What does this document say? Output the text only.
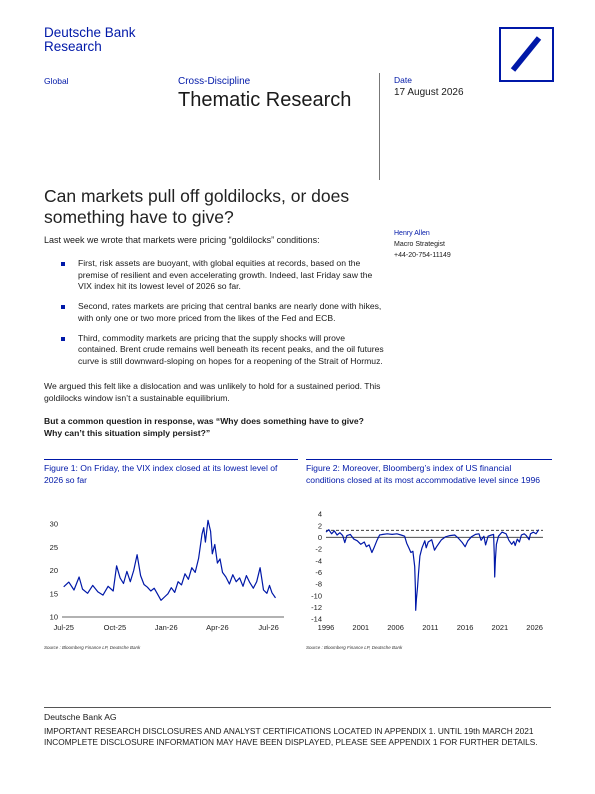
Deutsche Bank
Research
Global	Cross-Discipline
Thematic Research
Date
17 August 2026
Can markets pull off goldilocks, or does something have to give?
Henry Allen
Macro Strategist
+44-20-754-11149
Last week we wrote that markets were pricing “goldilocks” conditions:
First, risk assets are buoyant, with global equities at records, based on the premise of resilient and even accelerating growth. Indeed, last Friday saw the VIX index hit its lowest level of 2026 so far.
Second, rates markets are pricing that central banks are nearly done with hikes, with only one or two more priced from the likes of the Fed and ECB.
Third, commodity markets are pricing that the supply shocks will prove contained. Brent crude remains well beneath its recent peaks, and the oil futures curve is still downward-sloping on hopes for a reopening of the Strait of Hormuz.
We argued this felt like a dislocation and was unlikely to hold for a sustained period. This goldilocks window isn’t a sustainable equilibrium.
But a common question in response, was “Why does something have to give? Why can’t this situation simply persist?”
Figure 1: On Friday, the VIX index closed at its lowest level of 2026 so far
Figure 2: Moreover, Bloomberg’s index of US financial conditions closed at its most accommodative level since 1996
10
15
20
25
30
Jul-25	Oct-25	Jan-26	Apr-26	Jul-26
-14
-12
-10
-8
-6
-4
-2
0
2
4
1996 2001 2006 2011 2016 2021 2026
Source : Bloomberg Finance LP, Deutsche Bank	Source : Bloomberg Finance LP, Deutsche Bank
Deutsche Bank AG
IMPORTANT RESEARCH DISCLOSURES AND ANALYST CERTIFICATIONS LOCATED IN APPENDIX 1. UNTIL 19th MARCH 2021 INCOMPLETE DISCLOSURE INFORMATION MAY HAVE BEEN DISPLAYED, PLEASE SEE APPENDIX 1 FOR FURTHER DETAILS.
